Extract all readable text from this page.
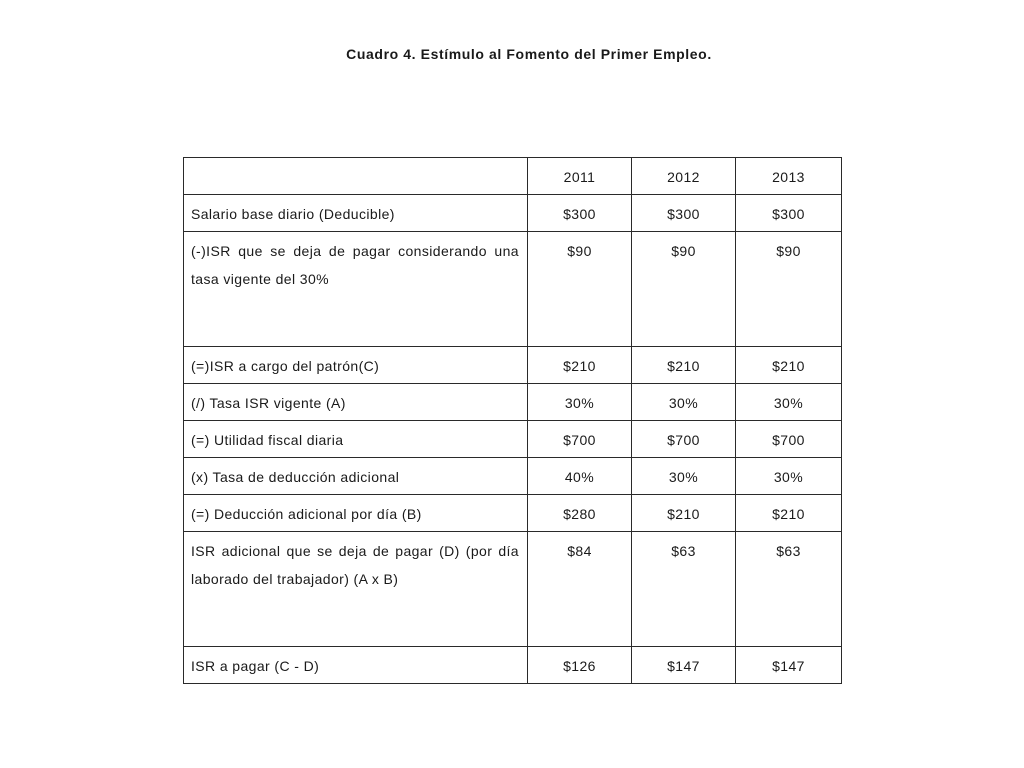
Cuadro 4. Estímulo al Fomento del Primer Empleo.
	2011	2012	2013
Salario base diario (Deducible)	$300	$300	$300
(-)ISR que se deja de pagar considerando una tasa vigente del 30%	$90	$90	$90
(=)ISR a cargo del patrón(C)	$210	$210	$210
(/) Tasa ISR vigente (A)	30%	30%	30%
(=) Utilidad fiscal diaria	$700	$700	$700
(x) Tasa de deducción adicional	40%	30%	30%
(=) Deducción adicional por día (B)	$280	$210	$210
ISR adicional que se deja de pagar (D) (por día laborado del trabajador) (A x B)	$84	$63	$63
ISR a pagar (C - D)	$126	$147	$147
